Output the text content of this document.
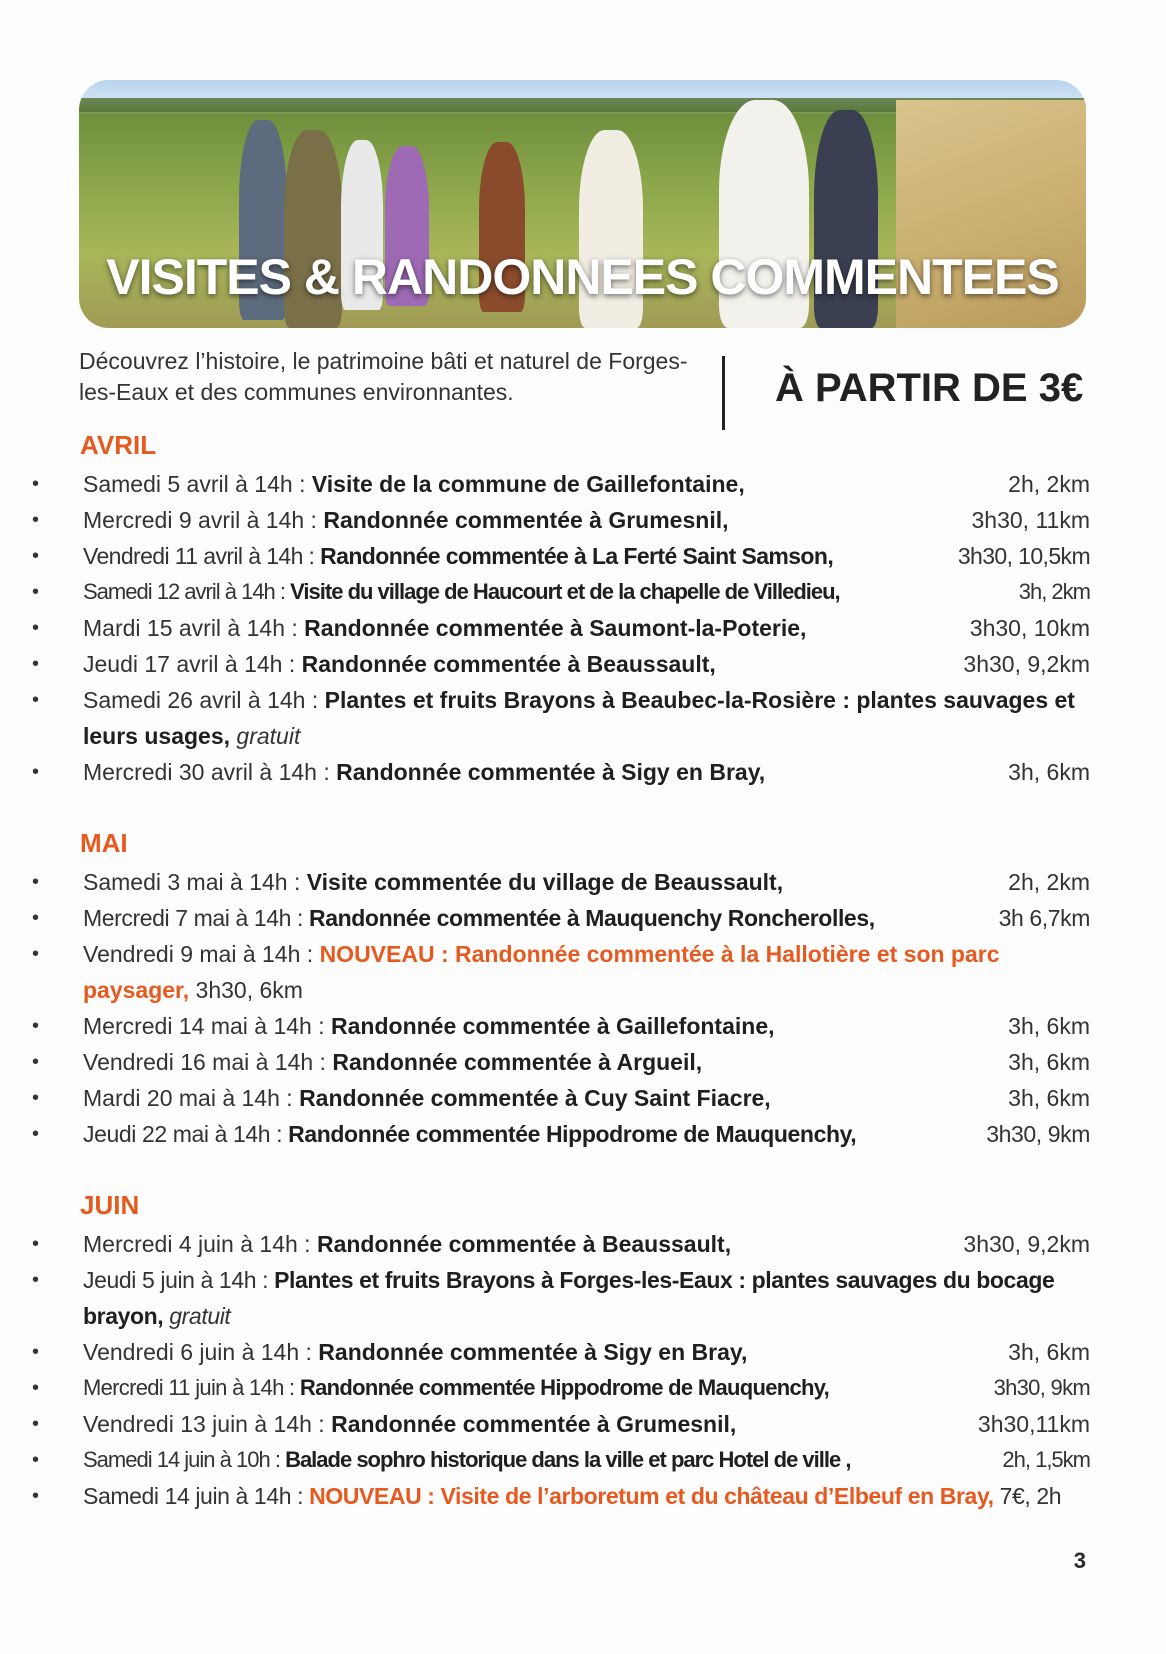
VISITES & RANDONNEES COMMENTEES
Découvrez l’histoire, le patrimoine bâti et naturel de Forges-les-Eaux et des communes environnantes.	À PARTIR DE 3€
AVRIL
• Samedi 5 avril à 14h : Visite de la commune de Gaillefontaine,	2h, 2km
• Mercredi 9 avril à 14h : Randonnée commentée à Grumesnil,	3h30, 11km
• Vendredi 11 avril à 14h : Randonnée commentée à La Ferté Saint Samson,	3h30, 10,5km
• Samedi 12 avril à 14h : Visite du village de Haucourt et de la chapelle de Villedieu,	3h, 2km
• Mardi 15 avril à 14h : Randonnée commentée à Saumont-la-Poterie,	3h30, 10km
• Jeudi 17 avril à 14h : Randonnée commentée à Beaussault,	3h30, 9,2km
• Samedi 26 avril à 14h : Plantes et fruits Brayons à Beaubec-la-Rosière : plantes sauvages et leurs usages, gratuit
• Mercredi 30 avril à 14h : Randonnée commentée à Sigy en Bray,	3h, 6km
MAI
• Samedi 3 mai à 14h : Visite commentée du village de Beaussault,	2h, 2km
• Mercredi 7 mai à 14h : Randonnée commentée à Mauquenchy Roncherolles,	3h 6,7km
• Vendredi 9 mai à 14h : NOUVEAU : Randonnée commentée à la Hallotière et son parc paysager, 3h30, 6km
• Mercredi 14 mai à 14h : Randonnée commentée à Gaillefontaine,	3h, 6km
• Vendredi 16 mai à 14h : Randonnée commentée à Argueil,	3h, 6km
• Mardi 20 mai à 14h : Randonnée commentée à Cuy Saint Fiacre,	3h, 6km
• Jeudi 22 mai à 14h : Randonnée commentée Hippodrome de Mauquenchy,	3h30, 9km
JUIN
• Mercredi 4 juin à 14h : Randonnée commentée à Beaussault,	3h30, 9,2km
• Jeudi 5 juin à 14h : Plantes et fruits Brayons à Forges-les-Eaux : plantes sauvages du bocage brayon, gratuit
• Vendredi 6 juin à 14h : Randonnée commentée à Sigy en Bray,	3h, 6km
• Mercredi 11 juin à 14h : Randonnée commentée Hippodrome de Mauquenchy,	3h30, 9km
• Vendredi 13 juin à 14h : Randonnée commentée à Grumesnil,	3h30,11km
• Samedi 14 juin à 10h : Balade sophro historique dans la ville et parc Hotel de ville ,	2h, 1,5km
• Samedi 14 juin à 14h : NOUVEAU : Visite de l’arboretum et du château d’Elbeuf en Bray, 7€, 2h
3
